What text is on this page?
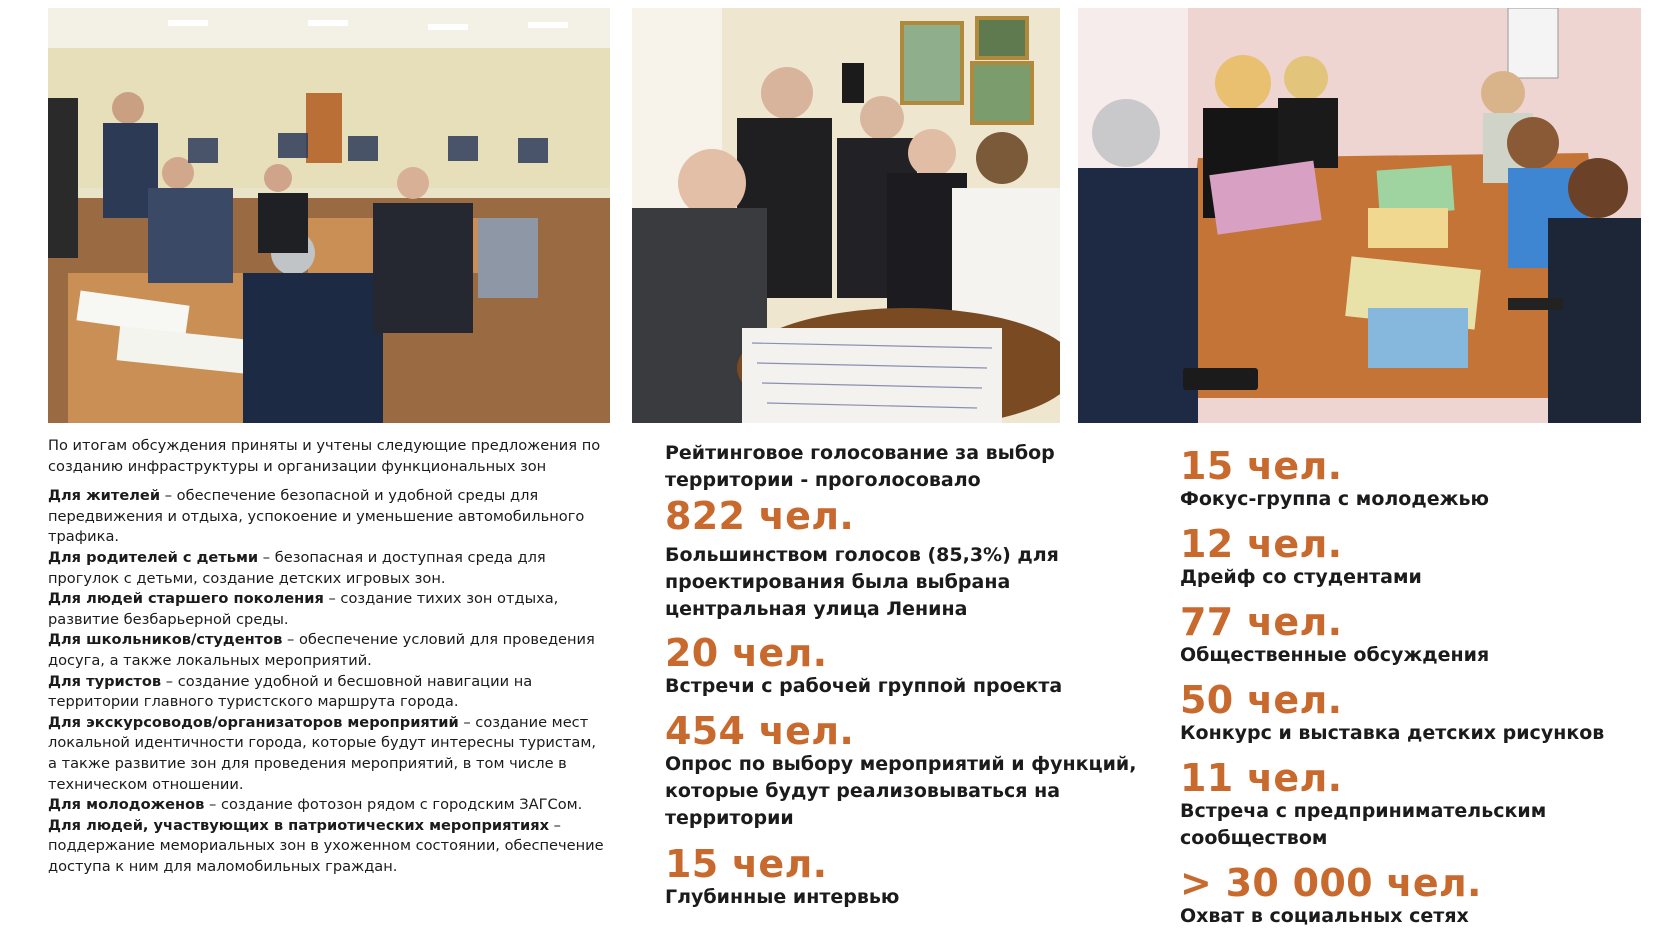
По итогам обсуждения приняты и учтены следующие предложения по созданию инфраструктуры и организации функциональных зон

Для жителей – обеспечение безопасной и удобной среды для передвижения и отдыха, успокоение и уменьшение автомобильного трафика.

Для родителей с детьми – безопасная и доступная среда для прогулок с детьми, создание детских игровых зон.

Для людей старшего поколения – создание тихих зон отдыха, развитие безбарьерной среды.

Для школьников/студентов – обеспечение условий для проведения досуга, а также локальных мероприятий.

Для туристов – создание удобной и бесшовной навигации на территории главного туристского маршрута города.

Для экскурсоводов/организаторов мероприятий – создание мест локальной идентичности города, которые будут интересны туристам, а также развитие зон для проведения мероприятий, в том числе в техническом отношении.

Для молодоженов – создание фотозон рядом с городским ЗАГСом.

Для людей, участвующих в патриотических мероприятиях – поддержание мемориальных зон в ухоженном состоянии, обеспечение доступа к ним для маломобильных граждан.

Рейтинговое голосование за выбор территории - проголосовало
822 чел.
Большинством голосов (85,3%) для проектирования была выбрана центральная улица Ленина
20 чел.
Встречи с рабочей группой проекта
454 чел.
Опрос по выбору мероприятий и функций, которые будут реализовываться на территории
15 чел.
Глубинные интервью
15 чел.
Фокус-группа с молодежью
12 чел.
Дрейф со студентами
77 чел.
Общественные обсуждения
50 чел.
Конкурс и выставка детских рисунков
11 чел.
Встреча с предпринимательским сообществом
> 30 000 чел.
Охват в социальных сетях
